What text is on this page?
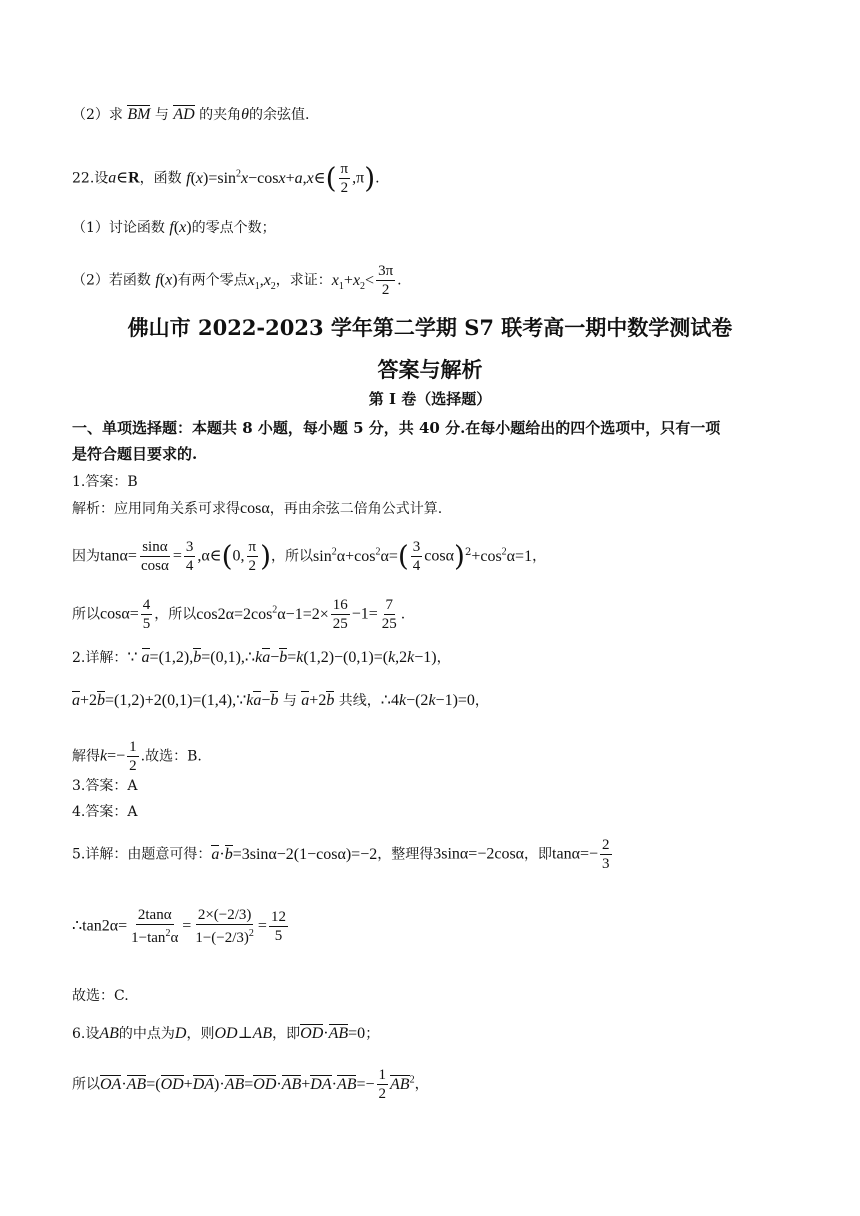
（2）求 BM 与 AD 的夹角θ的余弦值.
22.设a∈R，函数 $f(x)=\sin^2x-\cos x+a,x\in( \frac{\pi}{2} ,\pi)$.
（1）讨论函数 f(x)的零点个数；
（2）若函数 f(x)有两个零点$x_1,x_2$，求证：$x_1+x_2< \frac{3\pi}{2}$ .
佛山市 2022-2023 学年第二学期 S7 联考高一期中数学测试卷
答案与解析
第 I 卷（选择题）
一、单项选择题：本题共 8 小题，每小题 5 分，共 40 分.在每小题给出的四个选项中，只有一项
是符合题目要求的.
1.答案：B
解析：应用同角关系可求得cosα，再由余弦二倍角公式计算.
因为$\tan\alpha= \frac{\sin\alpha}{\cos\alpha} = \frac{3}{4}$ ,α∈(0, $\frac{\pi}{2}$ )，所以$\sin^2\alpha+\cos^2\alpha=( \frac{3}{4} \cos\alpha)^2+\cos^2\alpha=1$，
所以$\cos\alpha= \frac{4}{5}$ ，所以$\cos 2\alpha=2\cos^2\alpha-1=2\times \frac{16}{25} -1= \frac{7}{25}$ .
2.详解：∵ a=(1,2),b=(0,1),∴ka−b=k(1,2)−(0,1)=(k,2k−1)，
a+2b=(1,2)+2(0,1)=(1,4),∵ka−b 与 a+2b 共线，∴4k−(2k−1)=0，
解得$k=- \frac{1}{2}$ .故选：B.
3.答案：A
4.答案：A
5.详解：由题意可得：a·b=3sinα−2(1−cosα)=−2，整理得3sinα=−2cosα，即$\tan\alpha=- \frac{2}{3}$
∴tan2α= $\frac{2\tan\alpha}{1-\tan^2\alpha} = \frac{2\times(-2/3)}{1-(-2/3)^2} = \frac{12}{5}$
故选：C.
6.设AB的中点为D，则OD⊥AB，即OD·AB=0；
所以$OA\cdot AB=(OD+DA)\cdot AB=OD\cdot AB+DA\cdot AB=- \frac{1}{2} AB^2$，
